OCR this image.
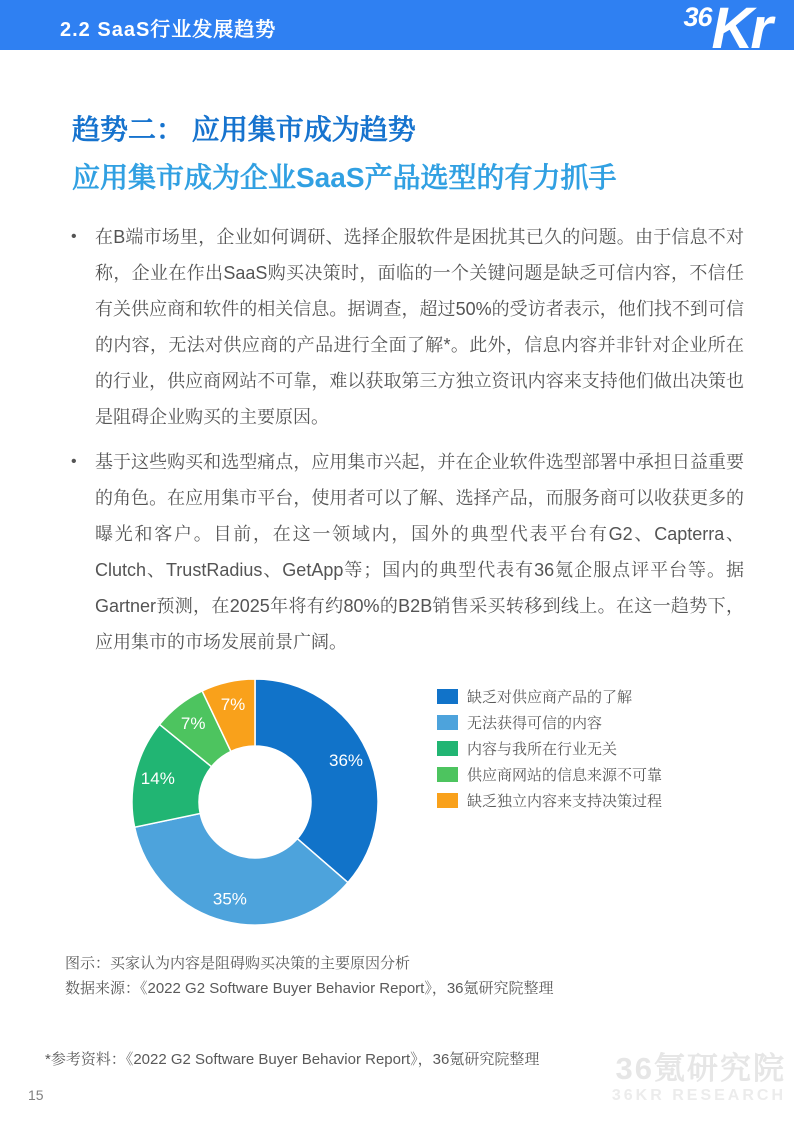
2.2 SaaS行业发展趋势	36Kr
趋势二： 应用集市成为趋势
应用集市成为企业SaaS产品选型的有力抓手
• 在B端市场里，企业如何调研、选择企服软件是困扰其已久的问题。由于信息不对称，企业在作出SaaS购买决策时，面临的一个关键问题是缺乏可信内容，不信任有关供应商和软件的相关信息。据调查，超过50%的受访者表示，他们找不到可信的内容，无法对供应商的产品进行全面了解*。此外，信息内容并非针对企业所在的行业，供应商网站不可靠，难以获取第三方独立资讯内容来支持他们做出决策也是阻碍企业购买的主要原因。
• 基于这些购买和选型痛点，应用集市兴起，并在企业软件选型部署中承担日益重要的角色。在应用集市平台，使用者可以了解、选择产品，而服务商可以收获更多的曝光和客户。目前，在这一领域内，国外的典型代表平台有G2、Capterra、Clutch、TrustRadius、GetApp等；国内的典型代表有36氪企服点评平台等。据Gartner预测，在2025年将有约80%的B2B销售采买转移到线上。在这一趋势下，应用集市的市场发展前景广阔。
36%
35%
14%
7%
7%	缺乏对供应商产品的了解
无法获得可信的内容
内容与我所在行业无关
供应商网站的信息来源不可靠
缺乏独立内容来支持决策过程
图示：买家认为内容是阻碍购买决策的主要原因分析
数据来源：《2022 G2 Software Buyer Behavior Report》，36氪研究院整理
*参考资料：《2022 G2 Software Buyer Behavior Report》，36氪研究院整理 36氪研究院
36KR RESEARCH
15
